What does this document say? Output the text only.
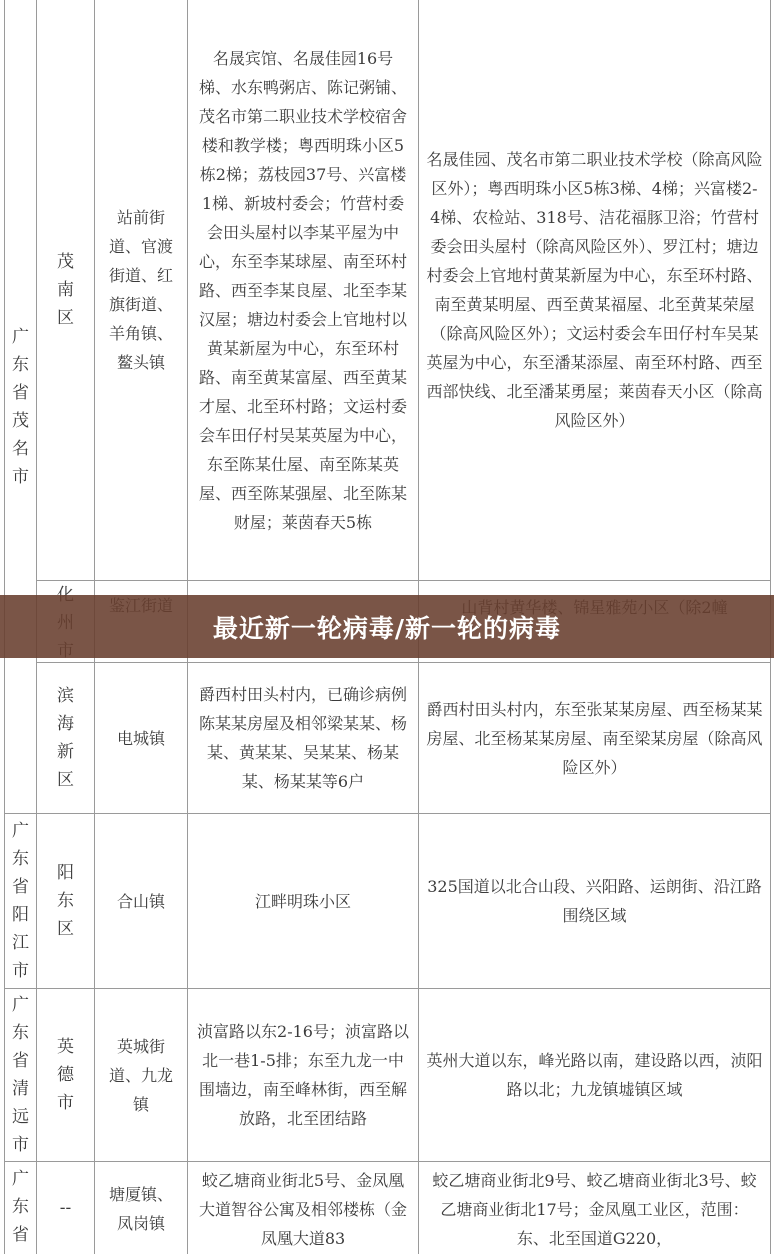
广东省茂名市
广东省阳江市
广东省清远市
广东省
茂南区
滨海新区
阳东区
英德市
--
站前街道、官渡街道、红旗街道、羊角镇、鳌头镇
电城镇
合山镇
英城街道、九龙镇
塘厦镇、凤岗镇
名晟宾馆、名晟佳园16号梯、水东鸭粥店、陈记粥铺、茂名市第二职业技术学校宿舍楼和教学楼；粤西明珠小区5栋2梯；荔枝园37号、兴富楼1梯、新坡村委会；竹营村委会田头屋村以李某平屋为中心，东至李某球屋、南至环村路、西至李某良屋、北至李某汉屋；塘边村委会上官地村以黄某新屋为中心，东至环村路、南至黄某富屋、西至黄某才屋、北至环村路；文运村委会车田仔村吴某英屋为中心，东至陈某仕屋、南至陈某英屋、西至陈某强屋、北至陈某财屋；莱茵春天5栋
爵西村田头村内，已确诊病例陈某某房屋及相邻梁某某、杨某、黄某某、吴某某、杨某某、杨某某等6户
江畔明珠小区
浈富路以东2-16号；浈富路以北一巷1-5排；东至九龙一中围墙边，南至峰林街，西至解放路，北至团结路
蛟乙塘商业街北5号、金凤凰大道智谷公寓及相邻楼栋（金凤凰大道83
名晟佳园、茂名市第二职业技术学校（除高风险区外）；粤西明珠小区5栋3梯、4梯；兴富楼2-4梯、农检站、318号、洁花福豚卫浴；竹营村委会田头屋村（除高风险区外）、罗江村；塘边村委会上官地村黄某新屋为中心，东至环村路、南至黄某明屋、西至黄某福屋、北至黄某荣屋（除高风险区外）；文运村委会车田仔村车吴某英屋为中心，东至潘某添屋、南至环村路、西至西部快线、北至潘某勇屋；莱茵春天小区（除高风险区外）
爵西村田头村内，东至张某某房屋、西至杨某某房屋、北至杨某某房屋、南至梁某房屋（除高风险区外）
325国道以北合山段、兴阳路、运朗街、沿江路围绕区域
英州大道以东，峰光路以南，建设路以西，浈阳路以北；九龙镇墟镇区域
蛟乙塘商业街北9号、蛟乙塘商业街北3号、蛟乙塘商业街北17号；金凤凰工业区，范围：东、北至国道G220，
最近新一轮病毒/新一轮的病毒
